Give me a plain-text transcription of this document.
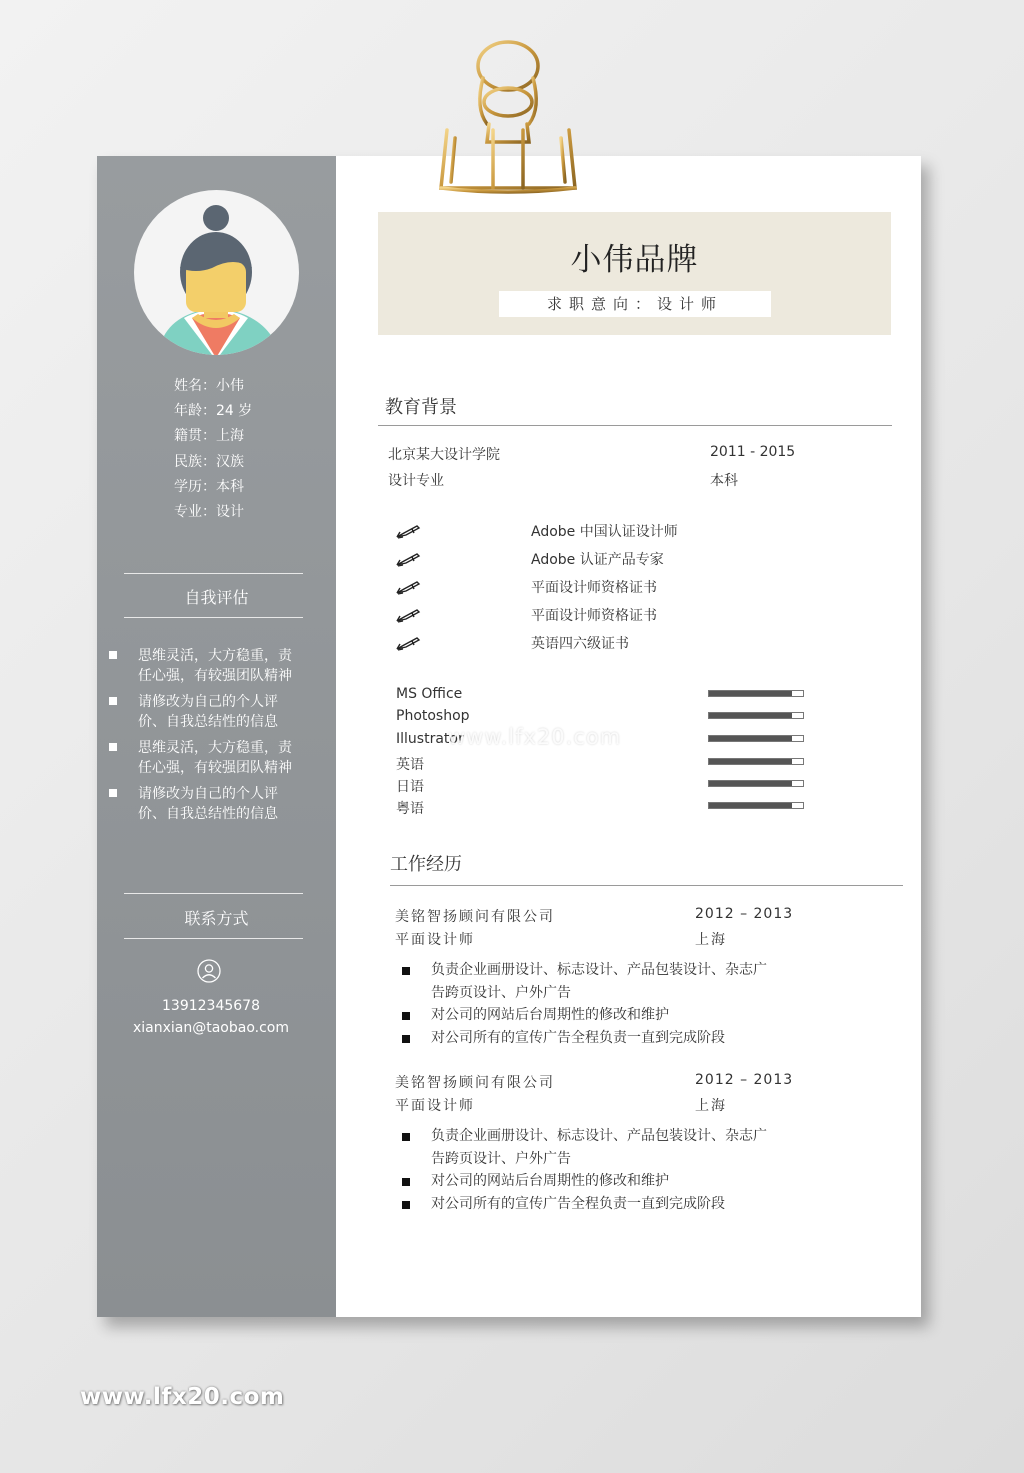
姓名：小伟
年龄：24 岁
籍贯：上海
民族：汉族
学历：本科
专业：设计
自我评估
思维灵活，大方稳重，责
任心强，有较强团队精神
请修改为自己的个人评
价、自我总结性的信息
思维灵活，大方稳重，责
任心强，有较强团队精神
请修改为自己的个人评
价、自我总结性的信息
联系方式
13912345678
xianxian@taobao.com
小伟品牌
求职意向：设计师
教育背景
北京某大设计学院	2011 - 2015
设计专业	本科
Adobe 中国认证设计师
Adobe 认证产品专家
平面设计师资格证书
平面设计师资格证书
英语四六级证书
MS Office
Photoshop
Illustrator
英语
日语
粤语
工作经历
美铭智扬顾问有限公司	2012 – 2013
平面设计师	上海
负责企业画册设计、标志设计、产品包装设计、杂志广
告跨页设计、户外广告
对公司的网站后台周期性的修改和维护
对公司所有的宣传广告全程负责一直到完成阶段
美铭智扬顾问有限公司	2012 – 2013
平面设计师	上海
负责企业画册设计、标志设计、产品包装设计、杂志广
告跨页设计、户外广告
对公司的网站后台周期性的修改和维护
对公司所有的宣传广告全程负责一直到完成阶段
www.lfx20.com
www.lfx20.com
